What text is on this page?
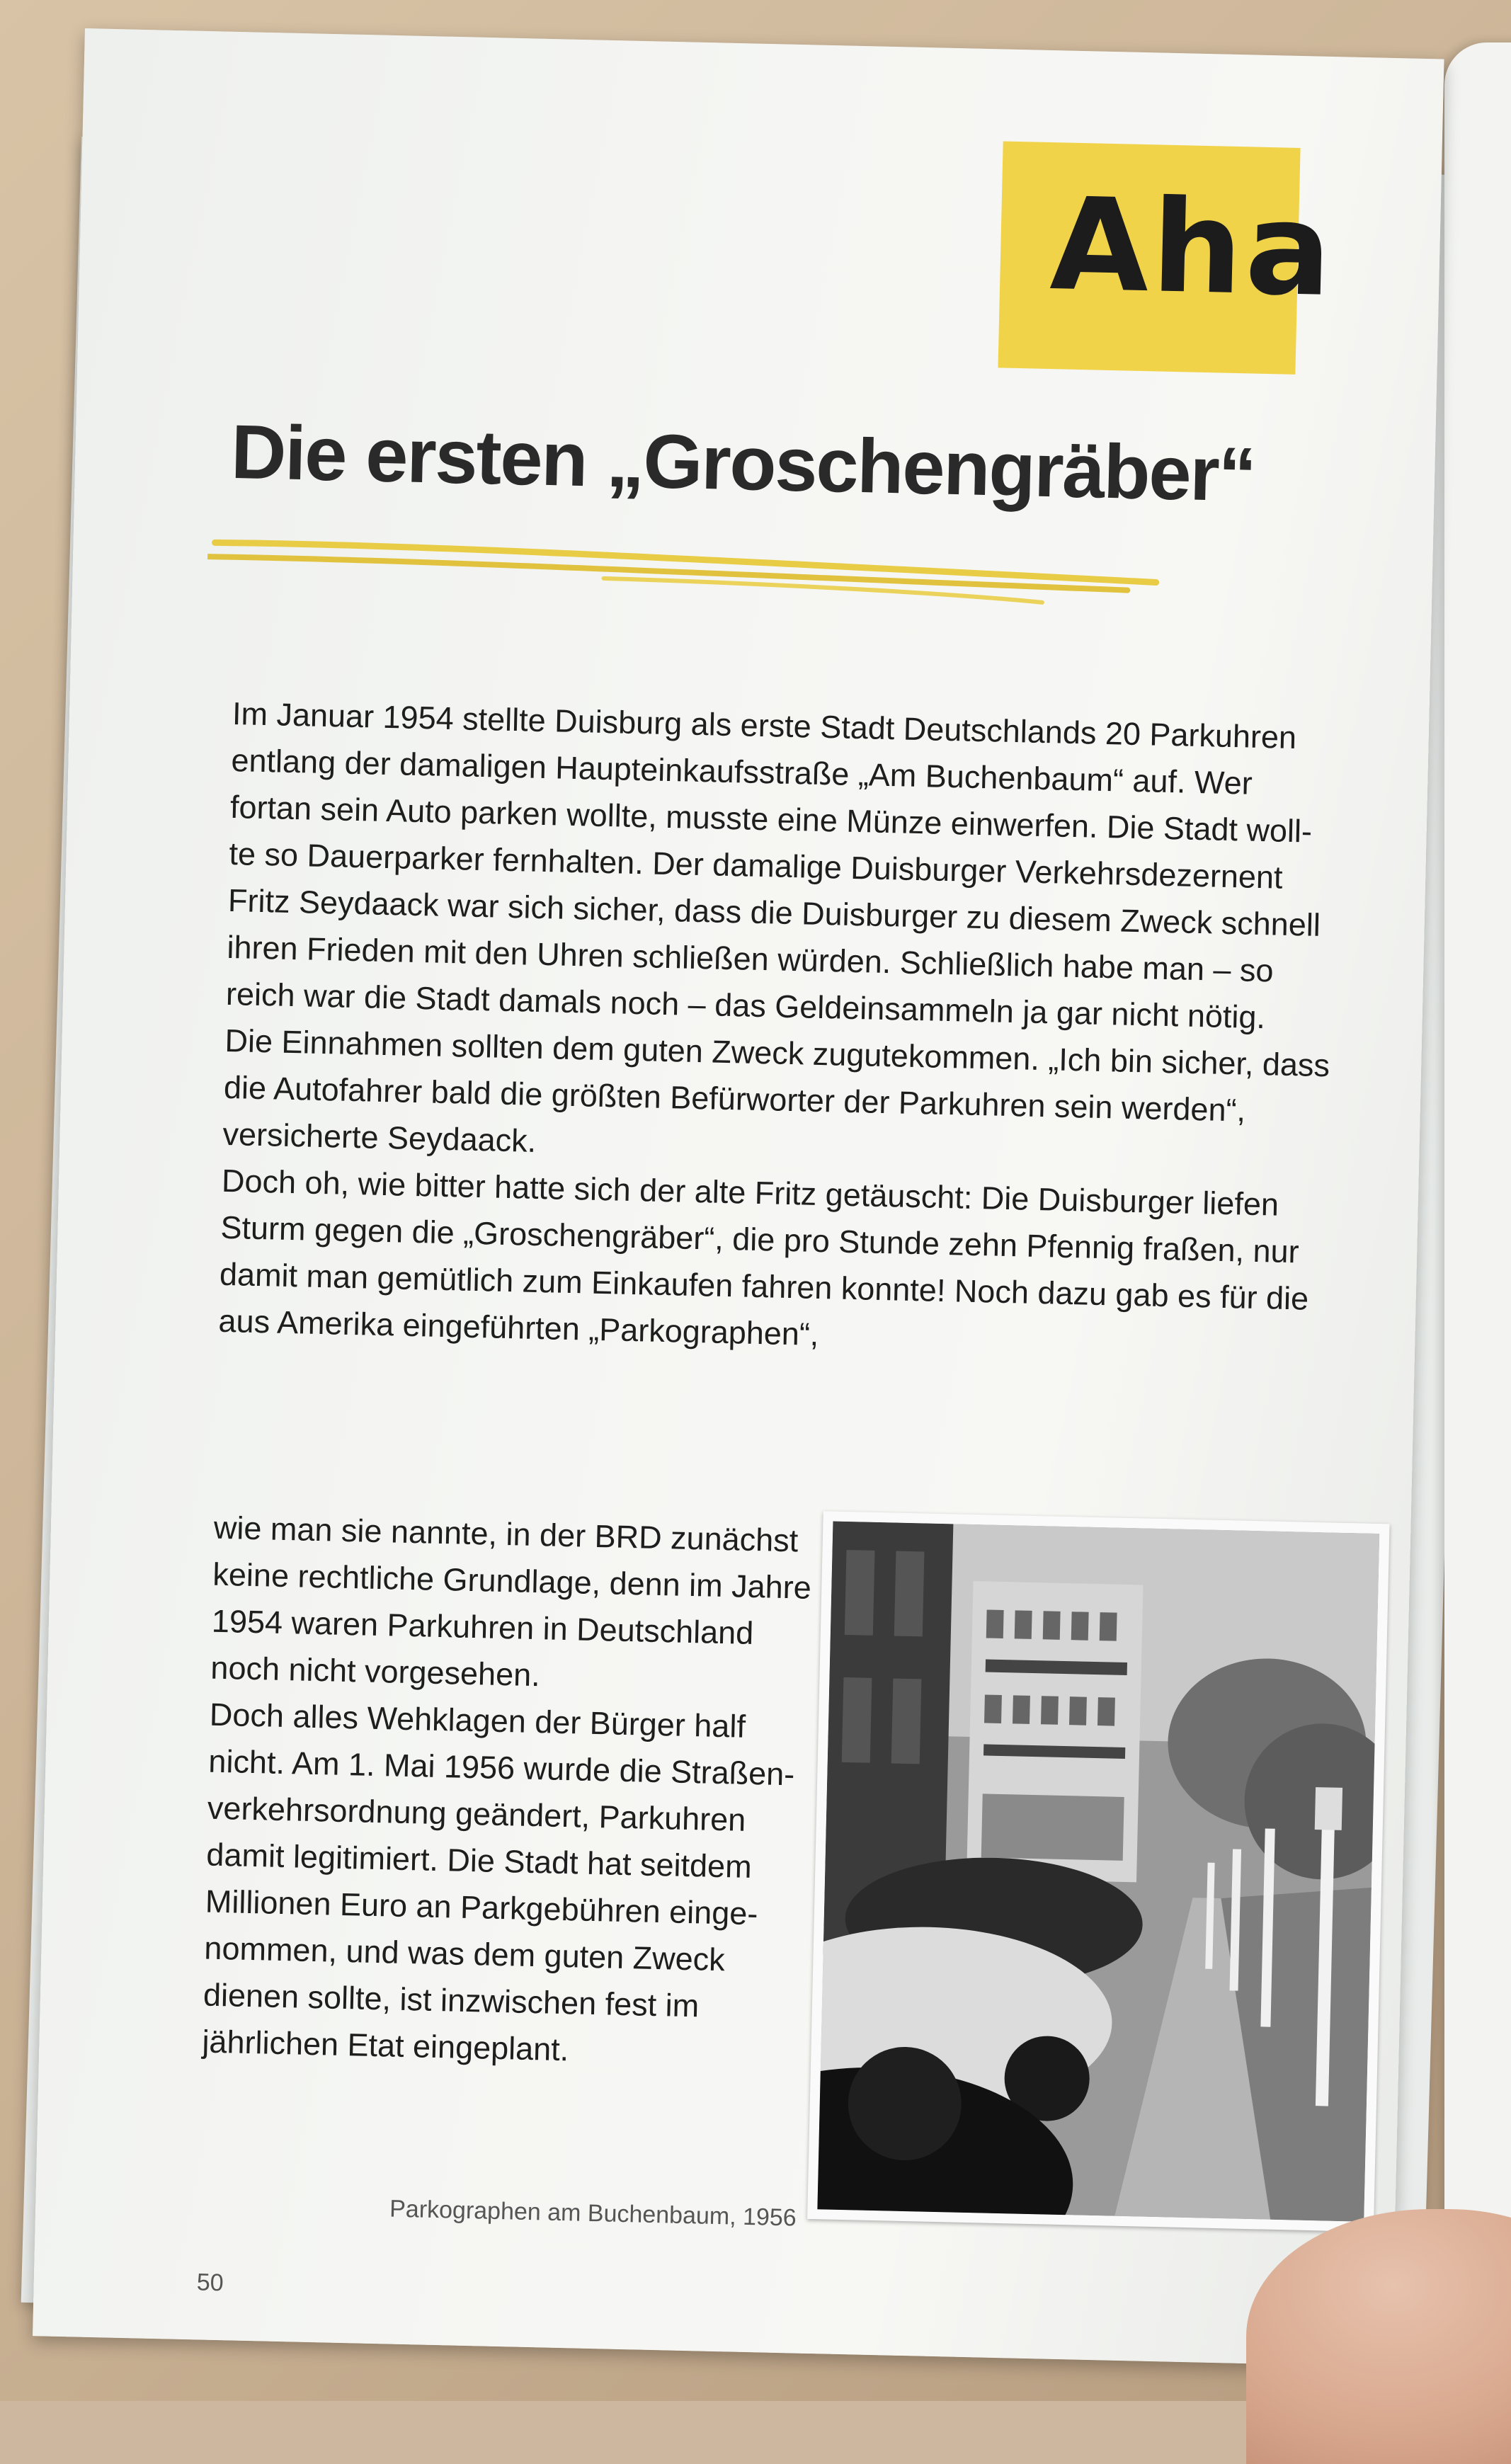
Aha
Die ersten „Groschengräber“

Im Januar 1954 stellte Duisburg als erste Stadt Deutschlands 20 Parkuhren

entlang der damaligen Haupteinkaufsstraße „Am Buchenbaum“ auf. Wer

fortan sein Auto parken wollte, musste eine Münze einwerfen. Die Stadt woll-

te so Dauerparker fernhalten. Der damalige Duisburger Verkehrsdezernent

Fritz Seydaack war sich sicher, dass die Duisburger zu diesem Zweck schnell

ihren Frieden mit den Uhren schließen würden. Schließlich habe man – so

reich war die Stadt damals noch – das Geldeinsammeln ja gar nicht nötig.

Die Einnahmen sollten dem guten Zweck zugutekommen. „Ich bin sicher, dass

die Autofahrer bald die größten Befürworter der Parkuhren sein werden“,

versicherte Seydaack.

Doch oh, wie bitter hatte sich der alte Fritz getäuscht: Die Duisburger liefen

Sturm gegen die „Groschengräber“, die pro Stunde zehn Pfennig fraßen, nur

damit man gemütlich zum Einkaufen fahren konnte! Noch dazu gab es für die

aus Amerika eingeführten „Parkographen“,

wie man sie nannte, in der BRD zunächst

keine rechtliche Grundlage, denn im Jahre

1954 waren Parkuhren in Deutschland

noch nicht vorgesehen.

Doch alles Wehklagen der Bürger half

nicht. Am 1. Mai 1956 wurde die Straßen-

verkehrsordnung geändert, Parkuhren

damit legitimiert. Die Stadt hat seitdem

Millionen Euro an Parkgebühren einge-

nommen, und was dem guten Zweck

dienen sollte, ist inzwischen fest im

jährlichen Etat eingeplant.

Parkographen am Buchenbaum, 1956
50
